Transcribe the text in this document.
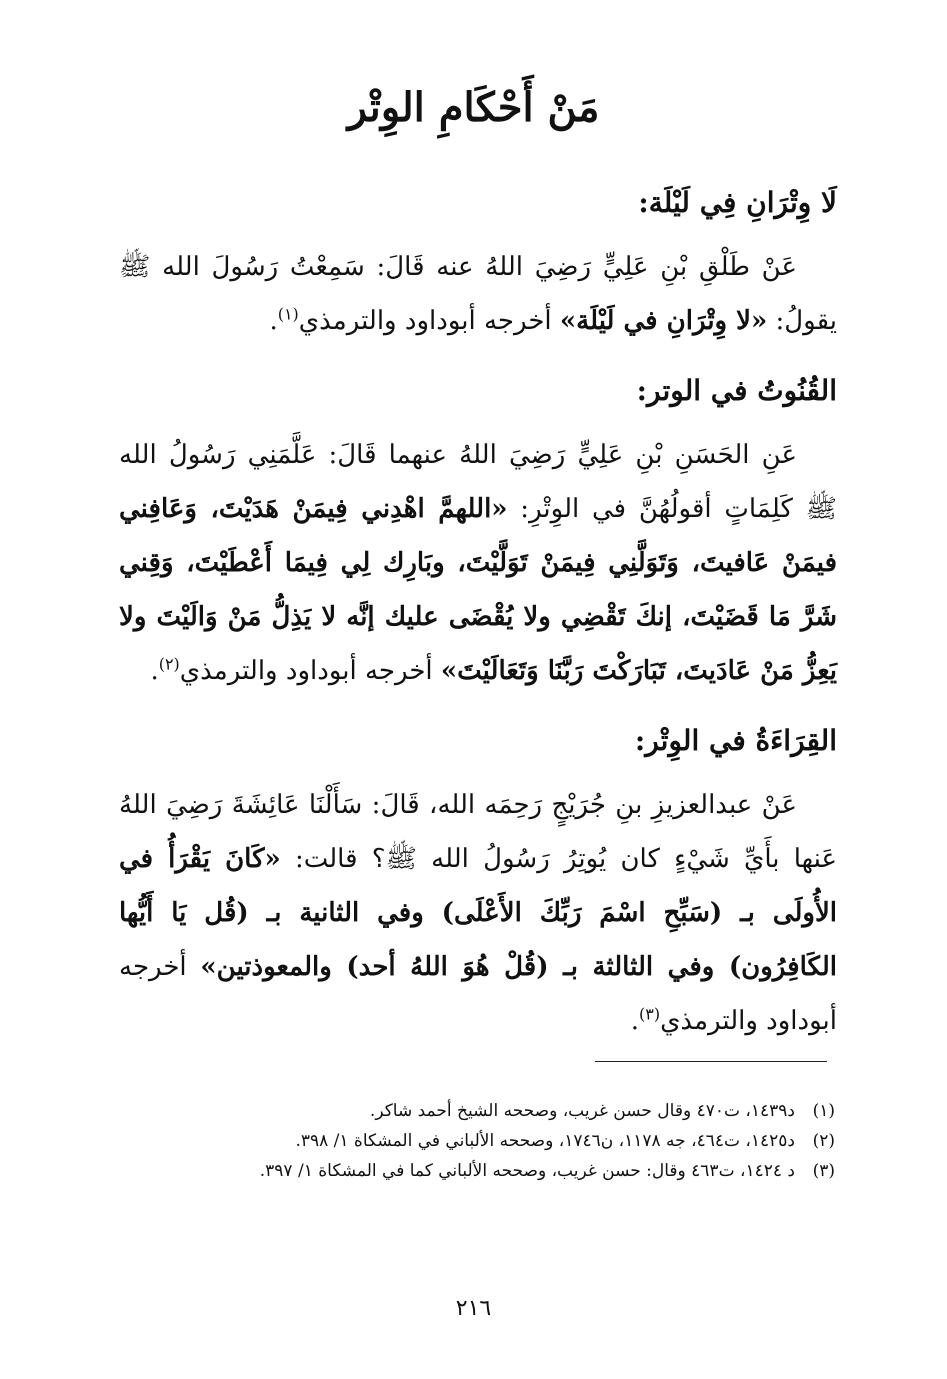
مَنْ أَحْكَامِ الوِتْر
لَا وِتْرَانِ فِي لَيْلَة:

عَنْ طَلْقِ بْنِ عَلِيٍّ رَضِيَ اللهُ عنه قَالَ: سَمِعْتُ رَسُولَ الله ﷺ يقولُ: «لا وِتْرَانِ في لَيْلَة» أخرجه أبوداود والترمذي$^{(١)}$.

القُنُوتُ في الوتر:

عَنِ الحَسَنِ بْنِ عَلِيٍّ رَضِيَ اللهُ عنهما قَالَ: عَلَّمَنِي رَسُولُ الله ﷺ كَلِمَاتٍ أقولُهُنَّ في الوِتْرِ: «اللهمَّ اهْدِني فِيمَنْ هَدَيْتَ، وَعَافِني فيمَنْ عَافيتَ، وَتَوَلَّنِي فِيمَنْ تَوَلَّيْتَ، وبَارِك لِي فِيمَا أَعْطَيْتَ، وَقِني شَرَّ مَا قَضَيْتَ، إنكَ تَقْضِي ولا يُقْضَى عليك إنَّه لا يَذِلُّ مَنْ وَالَيْتَ ولا يَعِزُّ مَنْ عَادَيتَ، تَبَارَكْتَ رَبَّنَا وَتَعَالَيْتَ» أخرجه أبوداود والترمذي$^{(٢)}$.

القِرَاءَةُ في الوِتْر:

عَنْ عبدالعزيزِ بنِ جُرَيْجٍ رَحِمَه الله، قَالَ: سَأَلْنَا عَائِشَةَ رَضِيَ اللهُ عَنها بأَيِّ شَيْءٍ كان يُوتِرُ رَسُولُ الله ﷺ؟ قالت: «كَانَ يَقْرَأُ في الأُولَى بـ (سَبِّحِ اسْمَ رَبِّكَ الأَعْلَى) وفي الثانية بـ (قُل يَا أَيُّها الكَافِرُون) وفي الثالثة بـ (قُلْ هُوَ اللهُ أحد) والمعوذتين» أخرجه أبوداود والترمذي$^{(٣)}$.

(١)د١٤٣٩، ت٤٧٠ وقال حسن غريب، وصححه الشيخ أحمد شاكر.
(٢)د١٤٢٥، ت٤٦٤، جه ١١٧٨، ن١٧٤٦، وصححه الألباني في المشكاة ١/ ٣٩٨.
(٣)د ١٤٢٤، ت٤٦٣ وقال: حسن غريب، وصححه الألباني كما في المشكاة ١/ ٣٩٧.
٢١٦
